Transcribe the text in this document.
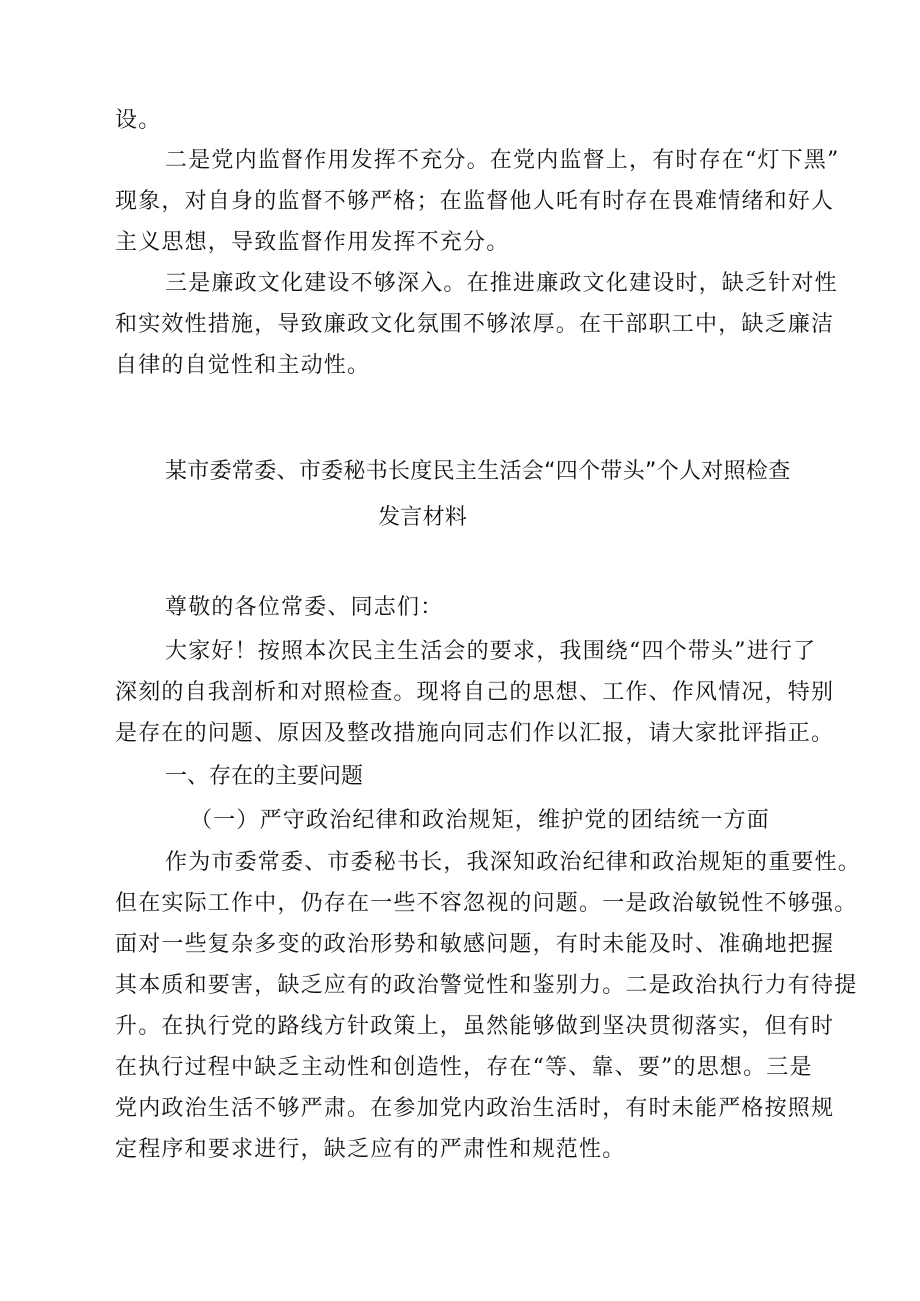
设。
二是党内监督作用发挥不充分。在党内监督上，有时存在“灯下黑”
现象，对自身的监督不够严格；在监督他人吒有时存在畏难情绪和好人
主义思想，导致监督作用发挥不充分。
三是廉政文化建设不够深入。在推进廉政文化建设时，缺乏针对性
和实效性措施，导致廉政文化氛围不够浓厚。在干部职工中，缺乏廉洁
自律的自觉性和主动性。
某市委常委、市委秘书长度民主生活会“四个带头”个人对照检查
发言材料
尊敬的各位常委、同志们：
大家好！按照本次民主生活会的要求，我围绕“四个带头”进行了
深刻的自我剖析和对照检查。现将自己的思想、工作、作风情况，特别
是存在的问题、原因及整改措施向同志们作以汇报，请大家批评指正。
一、存在的主要问题
（一）严守政治纪律和政治规矩，维护党的团结统一方面
作为市委常委、市委秘书长，我深知政治纪律和政治规矩的重要性。
但在实际工作中，仍存在一些不容忽视的问题。一是政治敏锐性不够强。
面对一些复杂多变的政治形势和敏感问题，有时未能及时、准确地把握
其本质和要害，缺乏应有的政治警觉性和鉴别力。二是政治执行力有待提
升。在执行党的路线方针政策上，虽然能够做到坚决贯彻落实，但有时
在执行过程中缺乏主动性和创造性，存在“等、靠、要”的思想。三是
党内政治生活不够严肃。在参加党内政治生活时，有时未能严格按照规
定程序和要求进行，缺乏应有的严肃性和规范性。
